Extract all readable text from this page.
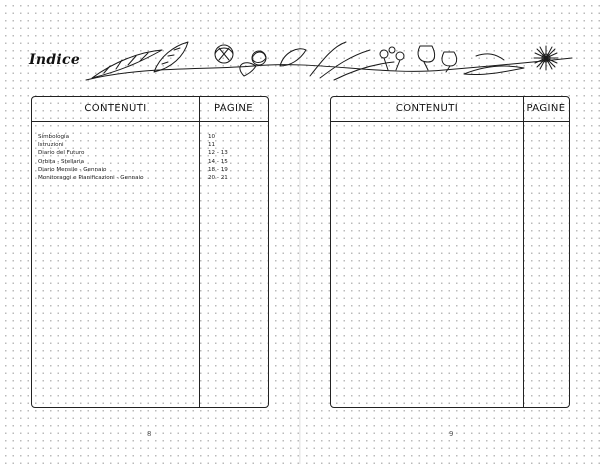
Indice
CONTENUTI	PAGINE
Simbologia	10
Istruzioni	11
Diario del Futuro	12 - 13
Orbita - Stellaria	14 - 15
Diario Mensile - Gennaio	18 - 19
Monitoraggi e Pianificazioni - Gennaio	20 - 21
CONTENUTI	PAGINE
8	9
